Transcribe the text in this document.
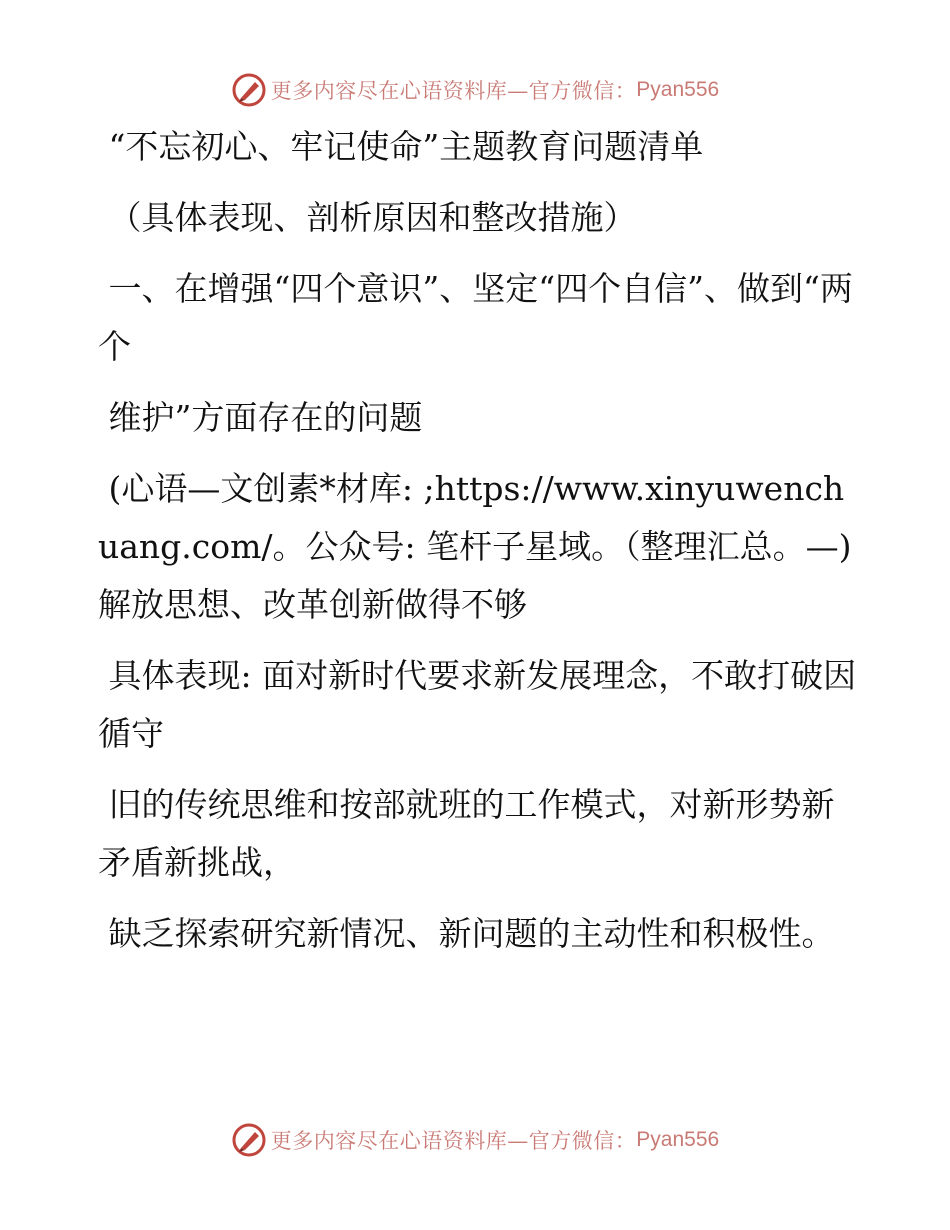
更多内容尽在心语资料库—官方微信： Pyan556

“不忘初心、牢记使命”主题教育问题清单

（具体表现、剖析原因和整改措施）

一、在增强“四个意识”、坚定“四个自信”、做到“两个

维护”方面存在的问题

(心语—文创素*材库: ;https://www.xinyuwenchuang.com/。公众号: 笔杆子星域。（整理汇总。—)解放思想、改革创新做得不够

具体表现: 面对新时代要求新发展理念，不敢打破因循守

旧的传统思维和按部就班的工作模式，对新形势新矛盾新挑战，

缺乏探索研究新情况、新问题的主动性和积极性。

更多内容尽在心语资料库—官方微信： Pyan556
